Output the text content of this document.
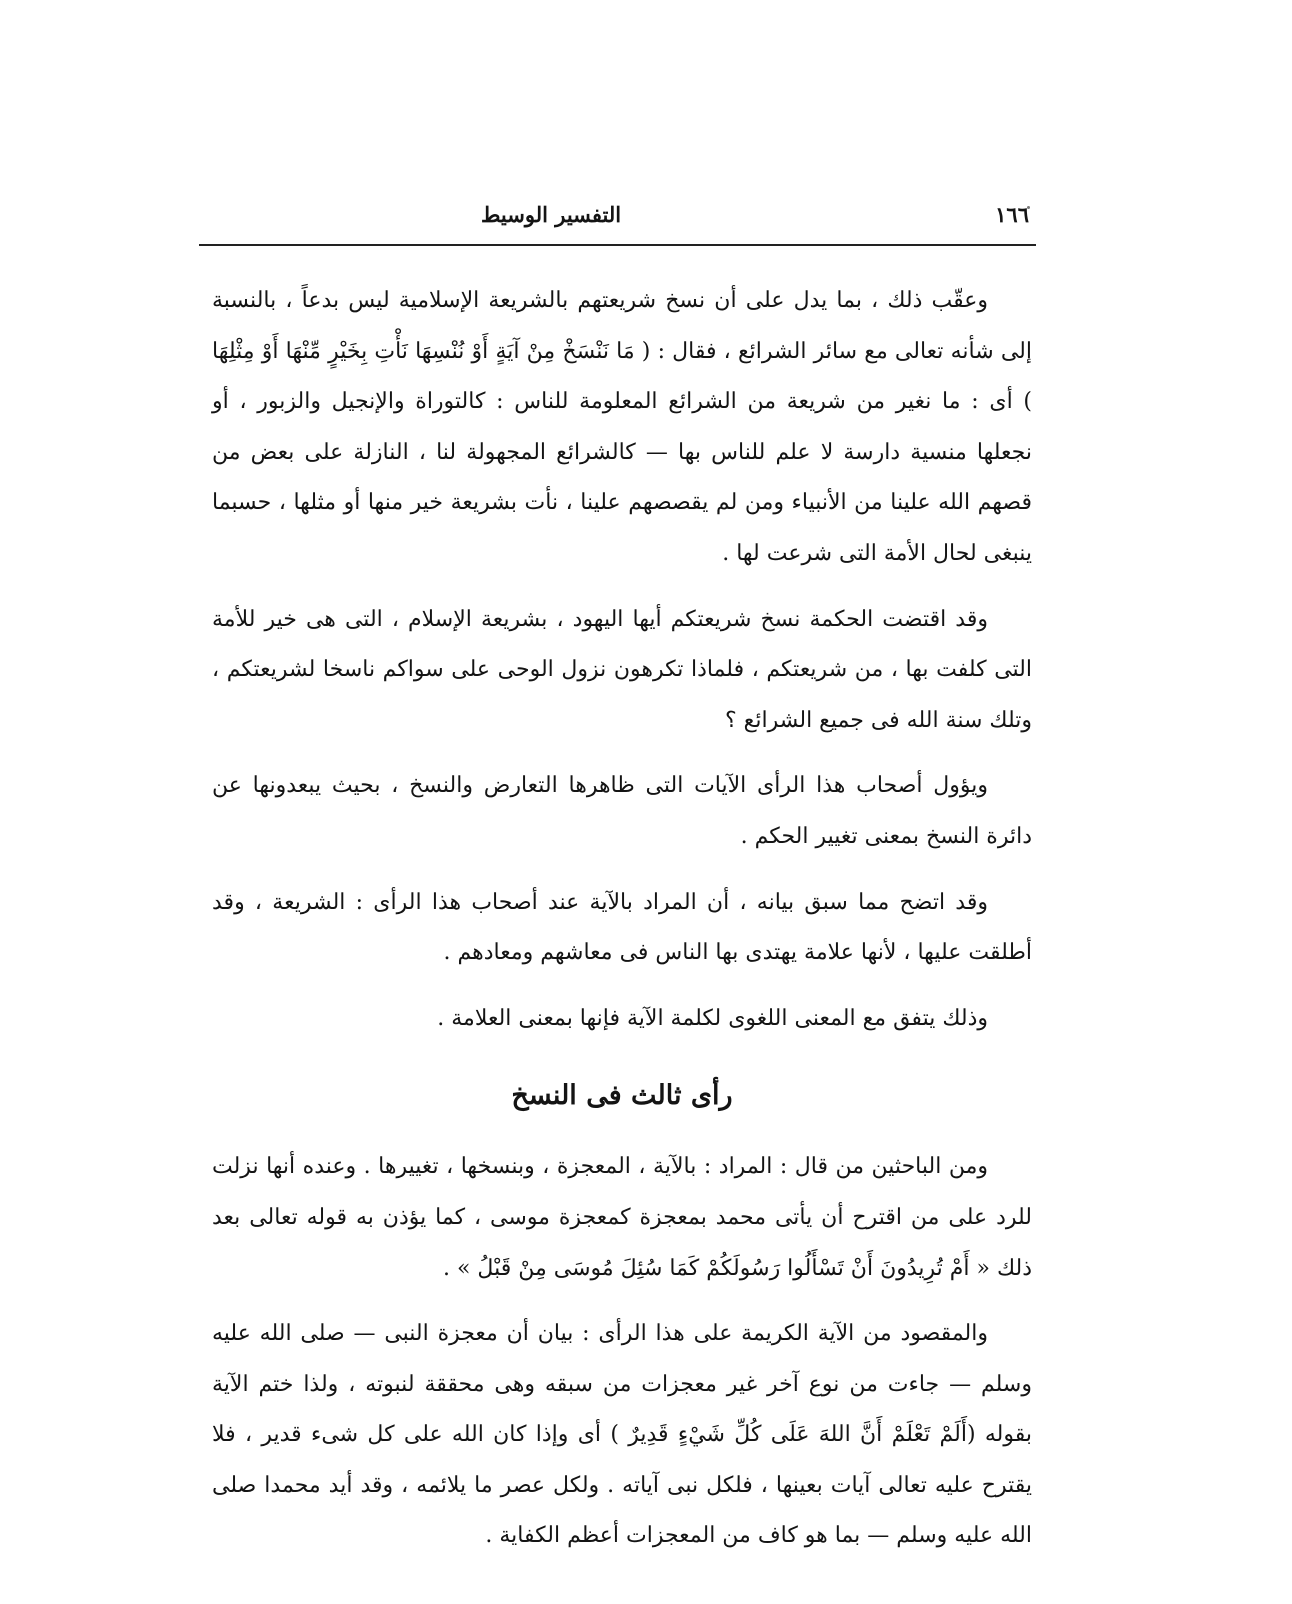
١٦٦
التفسير الوسيط

وعقّب ذلك ، بما يدل على أن نسخ شريعتهم بالشريعة الإسلامية ليس بدعاً ، بالنسبة إلى شأنه تعالى مع سائر الشرائع ، فقال : ( مَا نَنْسَخْ مِنْ آيَةٍ أَوْ نُنْسِهَا نَأْتِ بِخَيْرٍ مِّنْهَا أَوْ مِثْلِهَا ) أى : ما نغير من شريعة من الشرائع المعلومة للناس : كالتوراة والإنجيل والزبور ، أو نجعلها منسية دارسة لا علم للناس بها — كالشرائع المجهولة لنا ، النازلة على بعض من قصهم الله علينا من الأنبياء ومن لم يقصصهم علينا ، نأت بشريعة خير منها أو مثلها ، حسبما ينبغى لحال الأمة التى شرعت لها .

وقد اقتضت الحكمة نسخ شريعتكم أيها اليهود ، بشريعة الإسلام ، التى هى خير للأمة التى كلفت بها ، من شريعتكم ، فلماذا تكرهون نزول الوحى على سواكم ناسخا لشريعتكم ، وتلك سنة الله فى جميع الشرائع ؟

ويؤول أصحاب هذا الرأى الآيات التى ظاهرها التعارض والنسخ ، بحيث يبعدونها عن دائرة النسخ بمعنى تغيير الحكم .

وقد اتضح مما سبق بيانه ، أن المراد بالآية عند أصحاب هذا الرأى : الشريعة ، وقد أطلقت عليها ، لأنها علامة يهتدى بها الناس فى معاشهم ومعادهم .

وذلك يتفق مع المعنى اللغوى لكلمة الآية فإنها بمعنى العلامة .

رأى ثالث فى النسخ

ومن الباحثين من قال : المراد : بالآية ، المعجزة ، وبنسخها ، تغييرها . وعنده أنها نزلت للرد على من اقترح أن يأتى محمد بمعجزة كمعجزة موسى ، كما يؤذن به قوله تعالى بعد ذلك « أَمْ تُرِيدُونَ أَنْ تَسْأَلُوا رَسُولَكُمْ كَمَا سُئِلَ مُوسَى مِنْ قَبْلُ » .

والمقصود من الآية الكريمة على هذا الرأى : بيان أن معجزة النبى — صلى الله عليه وسلم — جاءت من نوع آخر غير معجزات من سبقه وهى محققة لنبوته ، ولذا ختم الآية بقوله (أَلَمْ تَعْلَمْ أَنَّ اللهَ عَلَى كُلِّ شَيْءٍ قَدِيرٌ ) أى وإذا كان الله على كل شىء قدير ، فلا يقترح عليه تعالى آيات بعينها ، فلكل نبى آياته . ولكل عصر ما يلائمه ، وقد أيد محمدا صلى الله عليه وسلم — بما هو كاف من المعجزات أعظم الكفاية .
